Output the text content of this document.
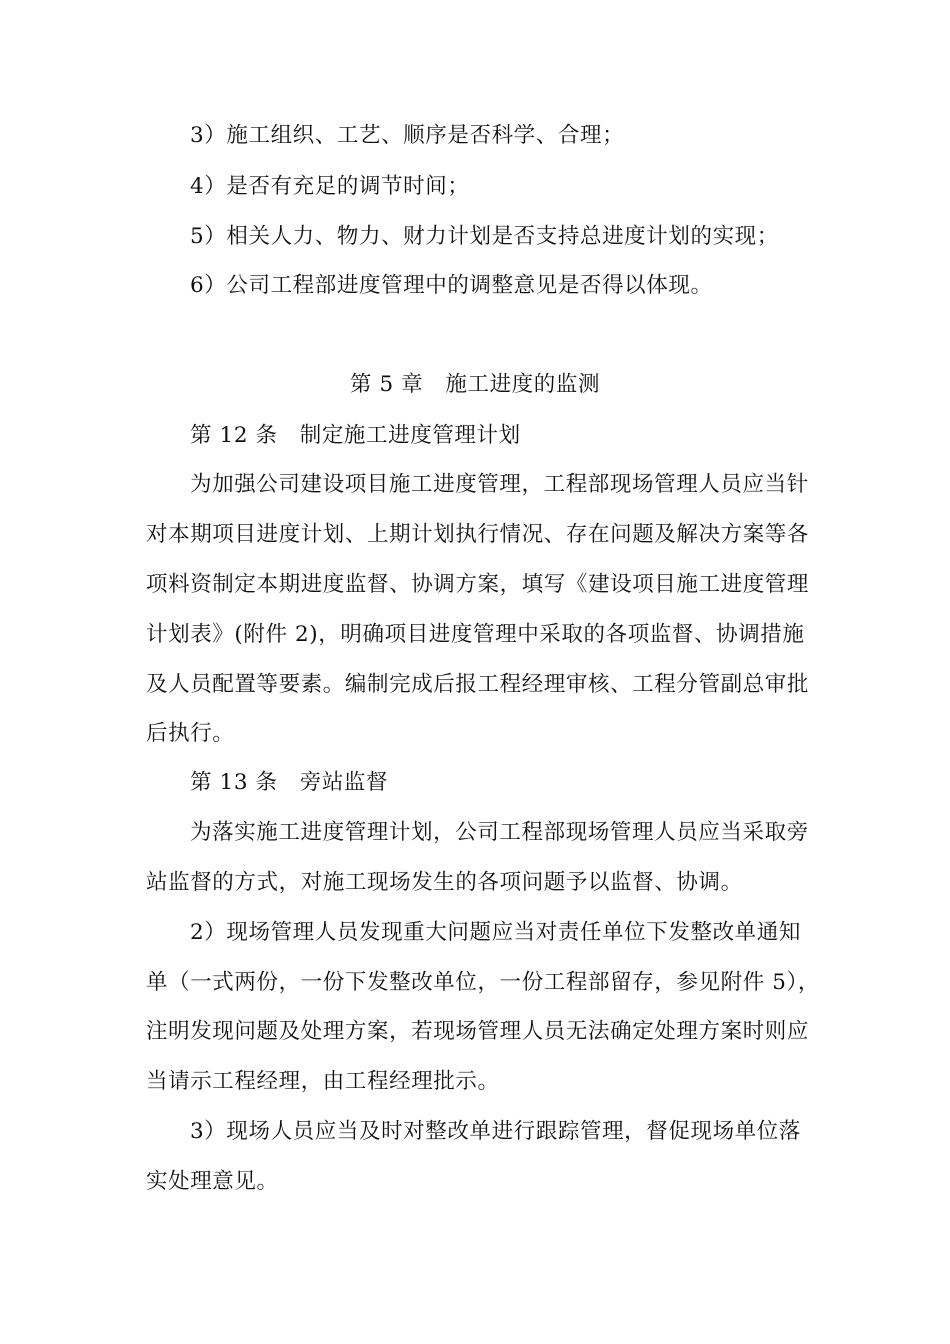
3）施工组织、工艺、顺序是否科学、合理；
4）是否有充足的调节时间；
5）相关人力、物力、财力计划是否支持总进度计划的实现；
6）公司工程部进度管理中的调整意见是否得以体现。
第 5 章　施工进度的监测
第 12 条　制定施工进度管理计划
为加强公司建设项目施工进度管理，工程部现场管理人员应当针
对本期项目进度计划、上期计划执行情况、存在问题及解决方案等各
项料资制定本期进度监督、协调方案，填写《建设项目施工进度管理
计划表》(附件 2)，明确项目进度管理中采取的各项监督、协调措施
及人员配置等要素。编制完成后报工程经理审核、工程分管副总审批
后执行。
第 13 条　旁站监督
为落实施工进度管理计划，公司工程部现场管理人员应当采取旁
站监督的方式，对施工现场发生的各项问题予以监督、协调。
2）现场管理人员发现重大问题应当对责任单位下发整改单通知
单（一式两份，一份下发整改单位，一份工程部留存，参见附件 5），
注明发现问题及处理方案，若现场管理人员无法确定处理方案时则应
当请示工程经理，由工程经理批示。
3）现场人员应当及时对整改单进行跟踪管理，督促现场单位落
实处理意见。
